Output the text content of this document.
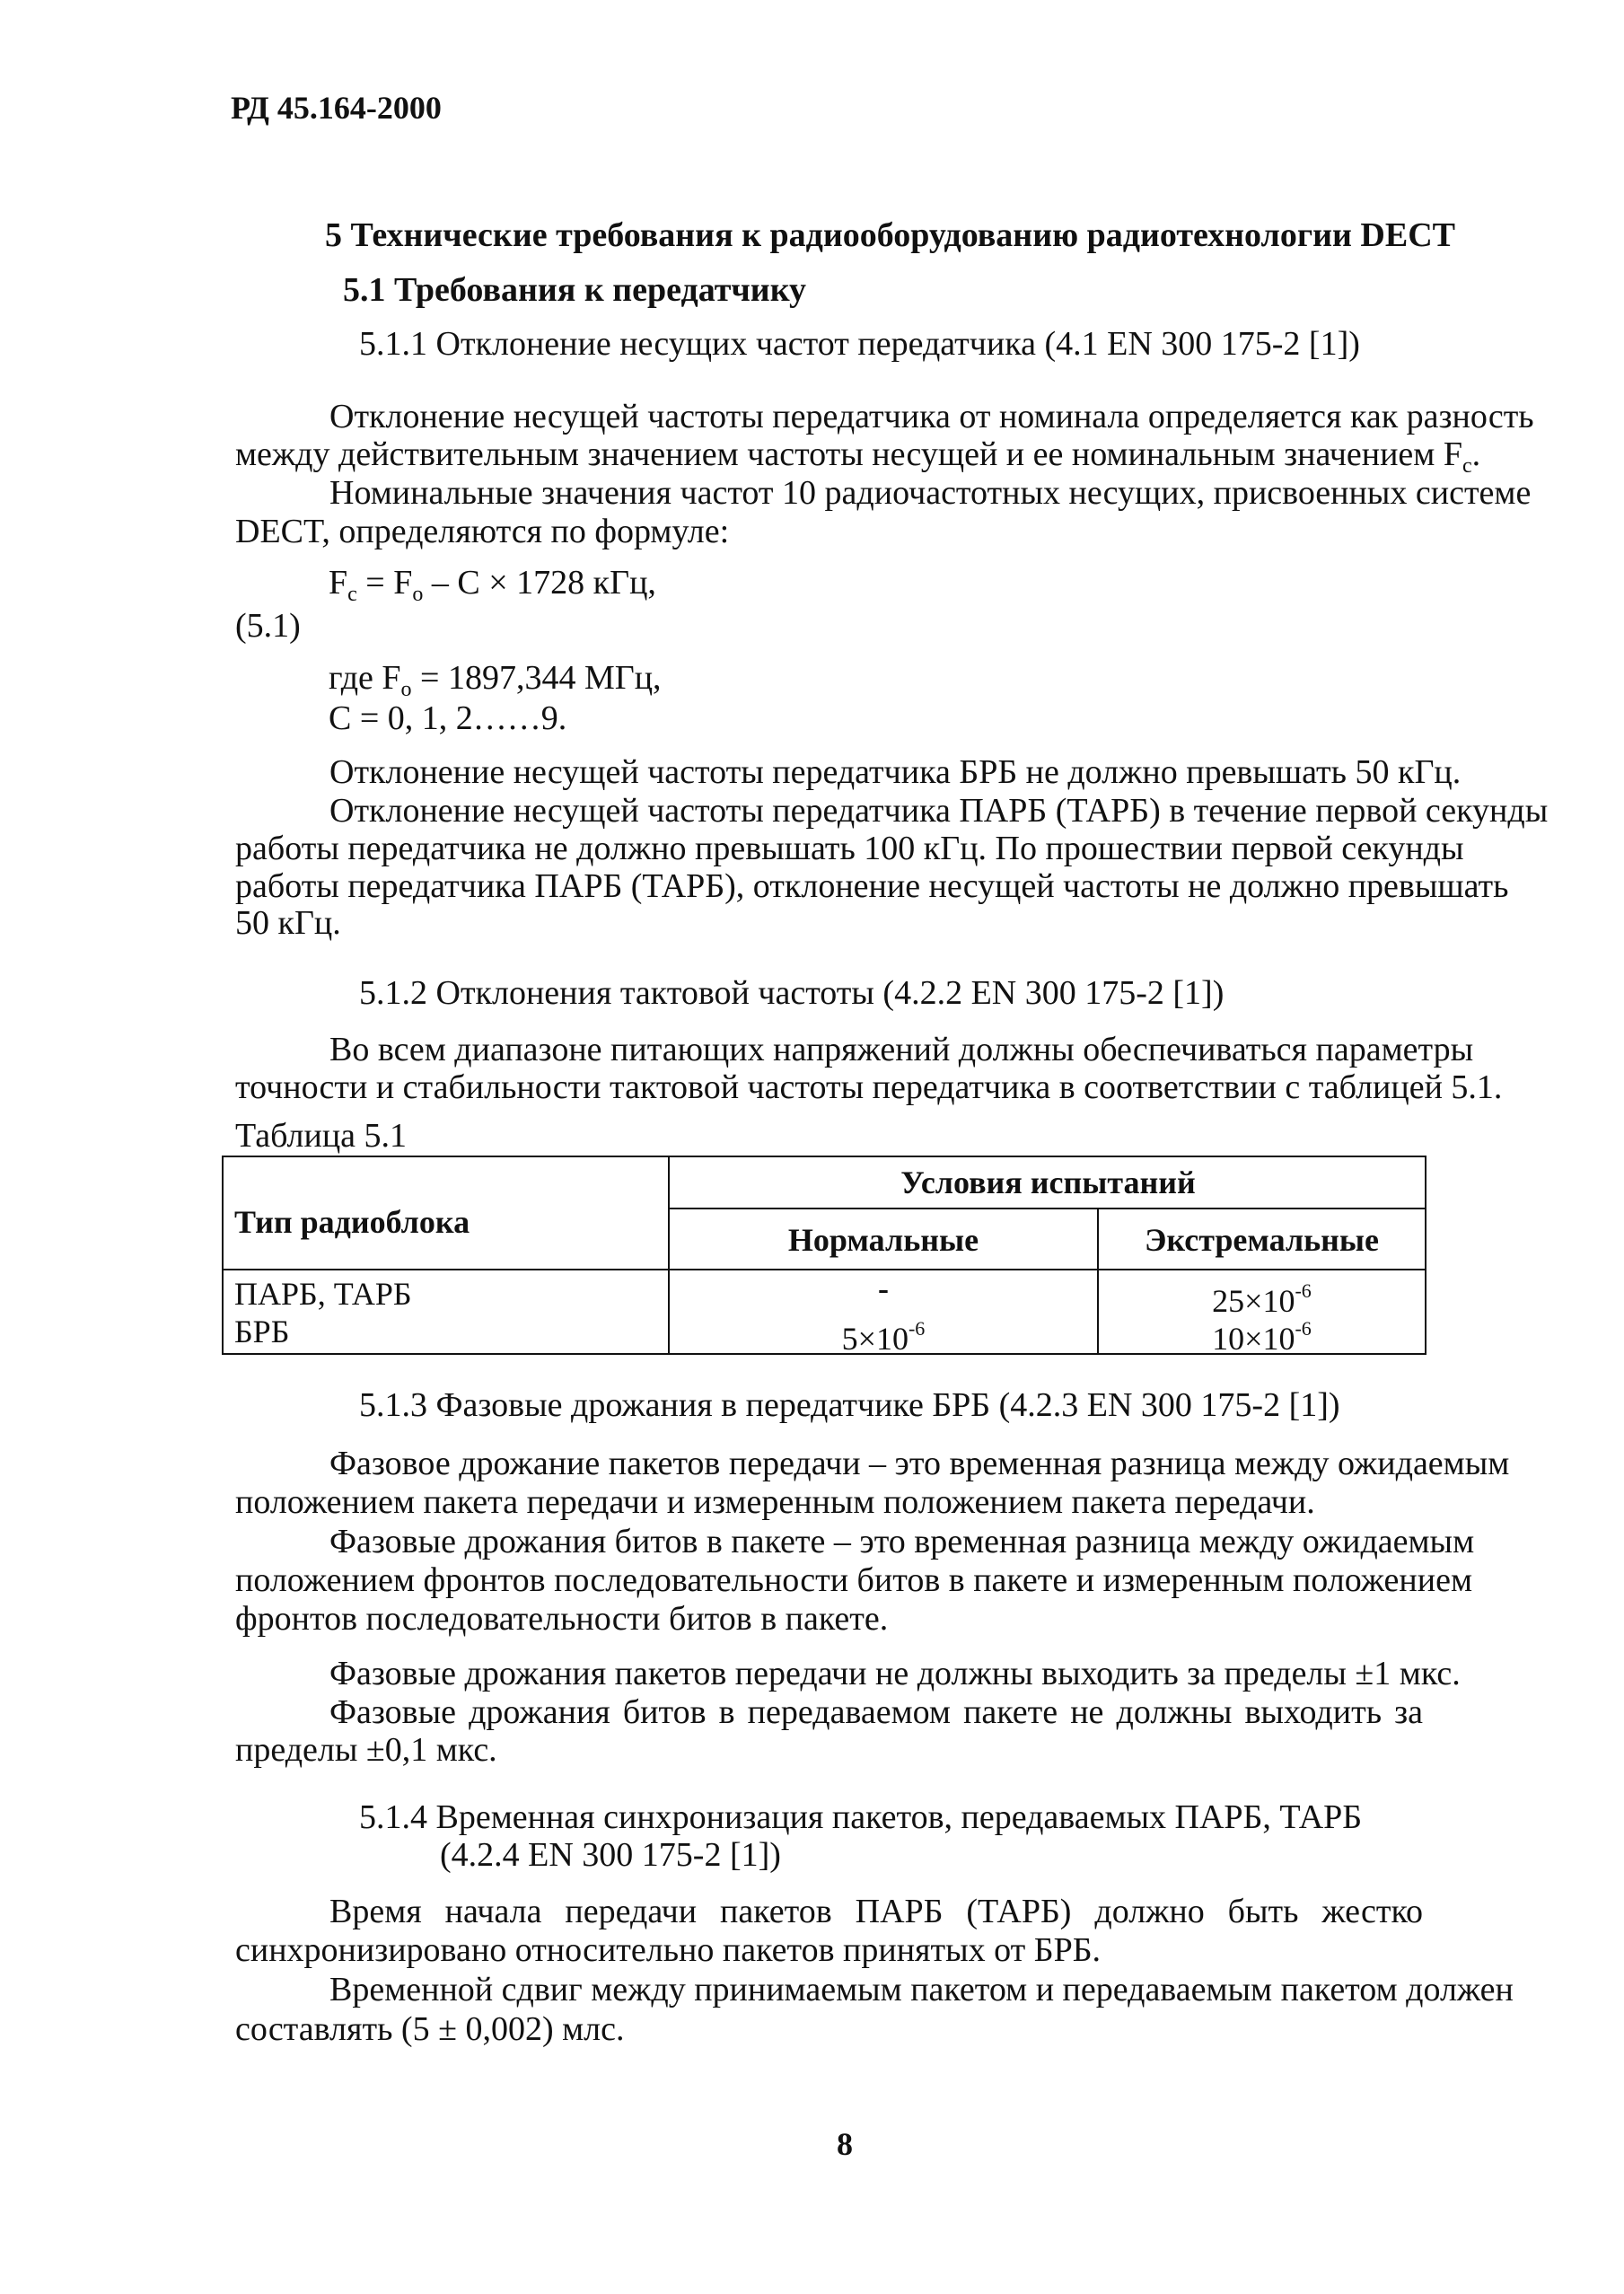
РД 45.164-2000
5 Технические требования к радиооборудованию радиотехнологии DECT
5.1 Требования к передатчику
5.1.1 Отклонение несущих частот передатчика (4.1 EN 300 175-2 [1])
Отклонение несущей частоты передатчика от номинала определяется как разность
между действительным значением частоты несущей и ее номинальным значением $F_c$.
Номинальные значения частот 10 радиочастотных несущих, присвоенных системе
DECT, определяются по формуле:
$F_c = F_o - C \times 1728$ кГц,
(5.1)
где $F_o = 1897,344$ МГц,
C = 0, 1, 2……9.
Отклонение несущей частоты передатчика БРБ не должно превышать 50 кГц.
Отклонение несущей частоты передатчика ПАРБ (ТАРБ) в течение первой секунды
работы передатчика не должно превышать 100 кГц. По прошествии первой секунды
работы передатчика ПАРБ (ТАРБ), отклонение несущей частоты не должно превышать
50 кГц.
5.1.2 Отклонения тактовой частоты (4.2.2 EN 300 175-2 [1])
Во всем диапазоне питающих напряжений должны обеспечиваться параметры
точности и стабильности тактовой частоты передатчика в соответствии с таблицей 5.1.
Таблица 5.1
Тип радиоблока
Условия испытаний
Нормальные	Экстремальные
ПАРБ, ТАРБ	-	$25\times 10^{-6}$
БРБ	$5\times 10^{-6}$	$10\times 10^{-6}$
5.1.3 Фазовые дрожания в передатчике БРБ (4.2.3 EN 300 175-2 [1])
Фазовое дрожание пакетов передачи – это временная разница между ожидаемым
положением пакета передачи и измеренным положением пакета передачи.
Фазовые дрожания битов в пакете – это временная разница между ожидаемым
положением фронтов последовательности битов в пакете и измеренным положением
фронтов последовательности битов в пакете.
Фазовые дрожания пакетов передачи не должны выходить за пределы ±1 мкс.
Фазовые дрожания битов в передаваемом пакете не должны выходить за
пределы ±0,1 мкс.
5.1.4 Временная синхронизация пакетов, передаваемых ПАРБ, ТАРБ
(4.2.4 EN 300 175-2 [1])
Время начала передачи пакетов ПАРБ (ТАРБ) должно быть жестко
синхронизировано относительно пакетов принятых от БРБ.
Временной сдвиг между принимаемым пакетом и передаваемым пакетом должен
составлять (5 ± 0,002) млс.
8
